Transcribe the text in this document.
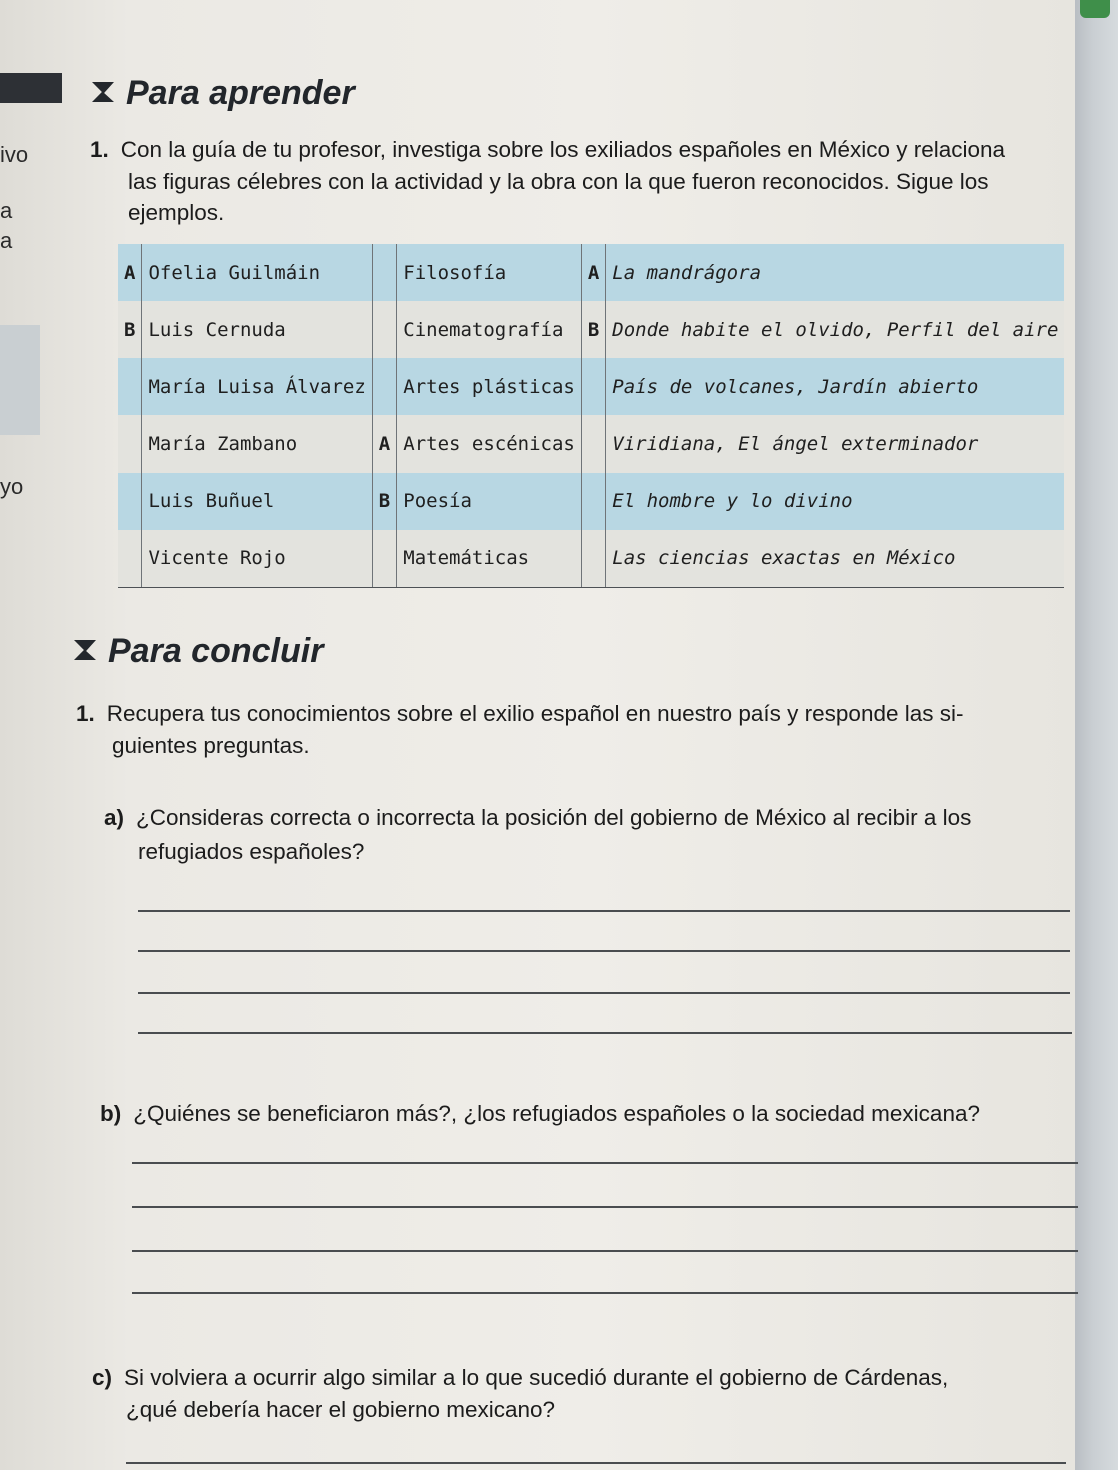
ivo
a
a
yo
Para aprender
1. Con la guía de tu profesor, investiga sobre los exiliados españoles en México y relaciona
las figuras célebres con la actividad y la obra con la que fueron reconocidos. Sigue los
ejemplos.
A	Ofelia Guilmáin		Filosofía	A	La mandrágora
B	Luis Cernuda		Cinematografía	B	Donde habite el olvido, Perfil del aire
	María Luisa Álvarez		Artes plásticas		País de volcanes, Jardín abierto
	María Zambano	A	Artes escénicas		Viridiana, El ángel exterminador
	Luis Buñuel	B	Poesía		El hombre y lo divino
	Vicente Rojo		Matemáticas		Las ciencias exactas en México
Para concluir
1. Recupera tus conocimientos sobre el exilio español en nuestro país y responde las si-
guientes preguntas.
a) ¿Consideras correcta o incorrecta la posición del gobierno de México al recibir a los
refugiados españoles?
b) ¿Quiénes se beneficiaron más?, ¿los refugiados españoles o la sociedad mexicana?
c) Si volviera a ocurrir algo similar a lo que sucedió durante el gobierno de Cárdenas,
¿qué debería hacer el gobierno mexicano?
